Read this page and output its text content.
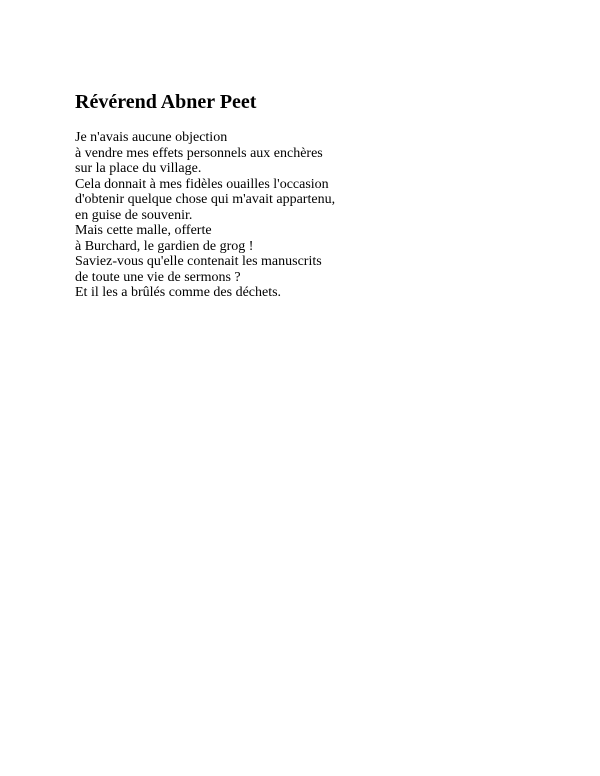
Révérend Abner Peet
Je n'avais aucune objection
à vendre mes effets personnels aux enchères
sur la place du village.
Cela donnait à mes fidèles ouailles l'occasion
d'obtenir quelque chose qui m'avait appartenu,
en guise de souvenir.
Mais cette malle, offerte
à Burchard, le gardien de grog !
Saviez-vous qu'elle contenait les manuscrits
de toute une vie de sermons ?
Et il les a brûlés comme des déchets.
